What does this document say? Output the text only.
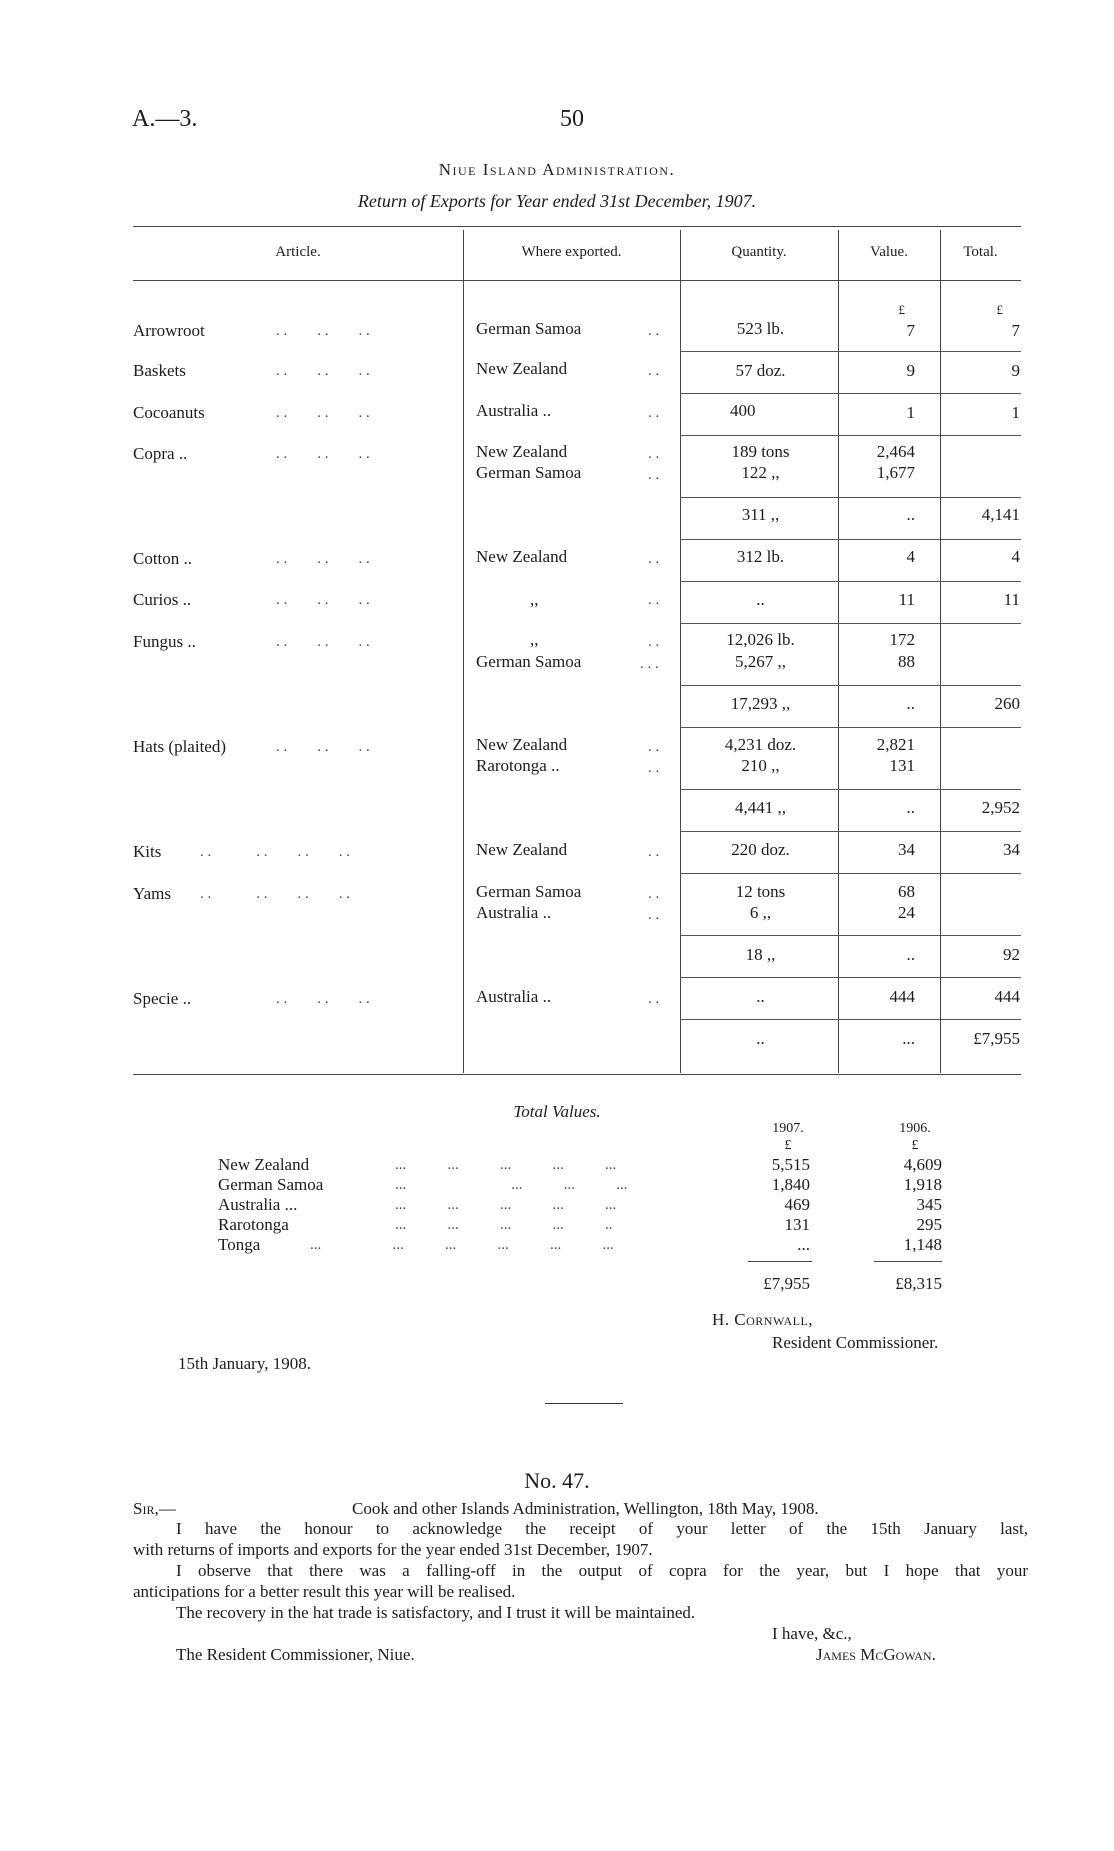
A.—3.	50
Niue Island Administration.
Return of Exports for Year ended 31st December, 1907.
Article.	Where exported.	Quantity.	Value.	Total.
£	£
Arrowroot	. .        . .        . .	German Samoa	. .	523 lb.	7	7
Baskets	. .        . .        . .	New Zealand	. .	57 doz.	9	9
Cocoanuts	. .        . .        . .	Australia ..	. .	400	1	1
Copra ..	. .        . .        . .	New Zealand	. .	189 tons	2,464
German Samoa	. .	122 ,,	1,677
311 ,,	..	4,141
Cotton ..	. .        . .        . .	New Zealand	. .	312 lb.	4	4
Curios ..	. .        . .        . .	,,	. .	..	11	11
Fungus ..	. .        . .        . .	,,	. .	12,026 lb.	172
German Samoa	. . .	5,267 ,,	88
17,293 ,,	..	260
Hats (plaited)	. .        . .        . .	New Zealand	. .	4,231 doz.	2,821
Rarotonga ..	. .	210 ,,	131
4,441 ,,	..	2,952
Kits	. .            . .        . .        . .	New Zealand	. .	220 doz.	34	34
Yams . .            . .        . .        . .	German Samoa	. .	12 tons	68
Australia ..	. .	6 ,,	24
18 ,,	..	92
Specie ..	. .        . .        . .	Australia ..	. .	..	444	444
..	...	£7,955
Total Values.
1907.	1906.
£	£
New Zealand	...           ...           ...           ...           ...	5,515	4,609
German Samoa	...                            ...           ...           ...	1,840	1,918
Australia ...	...           ...           ...           ...           ...	469	345
Rarotonga	...           ...           ...           ...           ..	131	295
Tonga	...                   ...           ...           ...           ...           ...	...	1,148
£7,955	£8,315
H. Cornwall,
Resident Commissioner.
15th January, 1908.
No. 47.
Sir,—	Cook and other Islands Administration, Wellington, 18th May, 1908.
I have the honour to acknowledge the receipt of your letter of the 15th January last,
with returns of imports and exports for the year ended 31st December, 1907.
I observe that there was a falling-off in the output of copra for the year, but I hope that your
anticipations for a better result this year will be realised.
The recovery in the hat trade is satisfactory, and I trust it will be maintained.
I have, &c.,
The Resident Commissioner, Niue.	James McGowan.
